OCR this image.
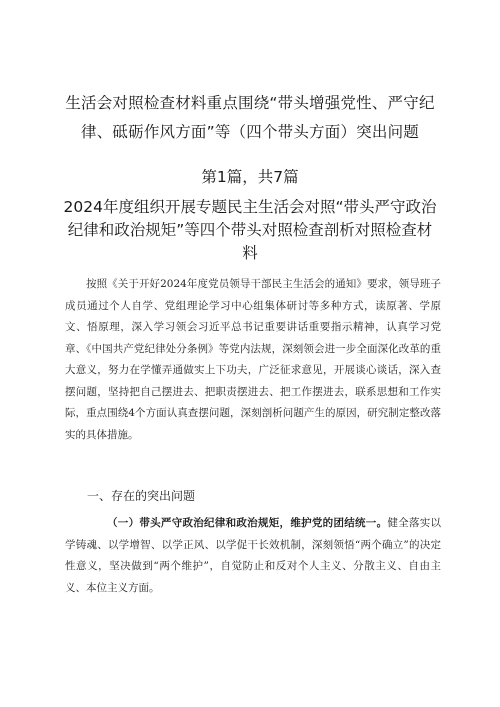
生活会对照检查材料重点围绕“带头增强党性、严守纪律、砥砺作风方面”等（四个带头方面）突出问题
第1篇，共7篇
2024年度组织开展专题民主生活会对照“带头严守政治纪律和政治规矩”等四个带头对照检查剖析对照检查材料
按照《关于开好2024年度党员领导干部民主生活会的通知》要求，领导班子成员通过个人自学、党组理论学习中心组集体研讨等多种方式，读原著、学原文、悟原理，深入学习领会习近平总书记重要讲话重要指示精神，认真学习党章、《中国共产党纪律处分条例》等党内法规，深刻领会进一步全面深化改革的重大意义，努力在学懂弄通做实上下功夫，广泛征求意见，开展谈心谈话，深入查摆问题，坚持把自己摆进去、把职责摆进去、把工作摆进去，联系思想和工作实际，重点围绕4个方面认真查摆问题，深刻剖析问题产生的原因，研究制定整改落实的具体措施。
一、存在的突出问题
（一）带头严守政治纪律和政治规矩，维护党的团结统一。健全落实以学铸魂、以学增智、以学正风、以学促干长效机制，深刻领悟“两个确立”的决定性意义，坚决做到“两个维护”，自觉防止和反对个人主义、分散主义、自由主义、本位主义方面。
